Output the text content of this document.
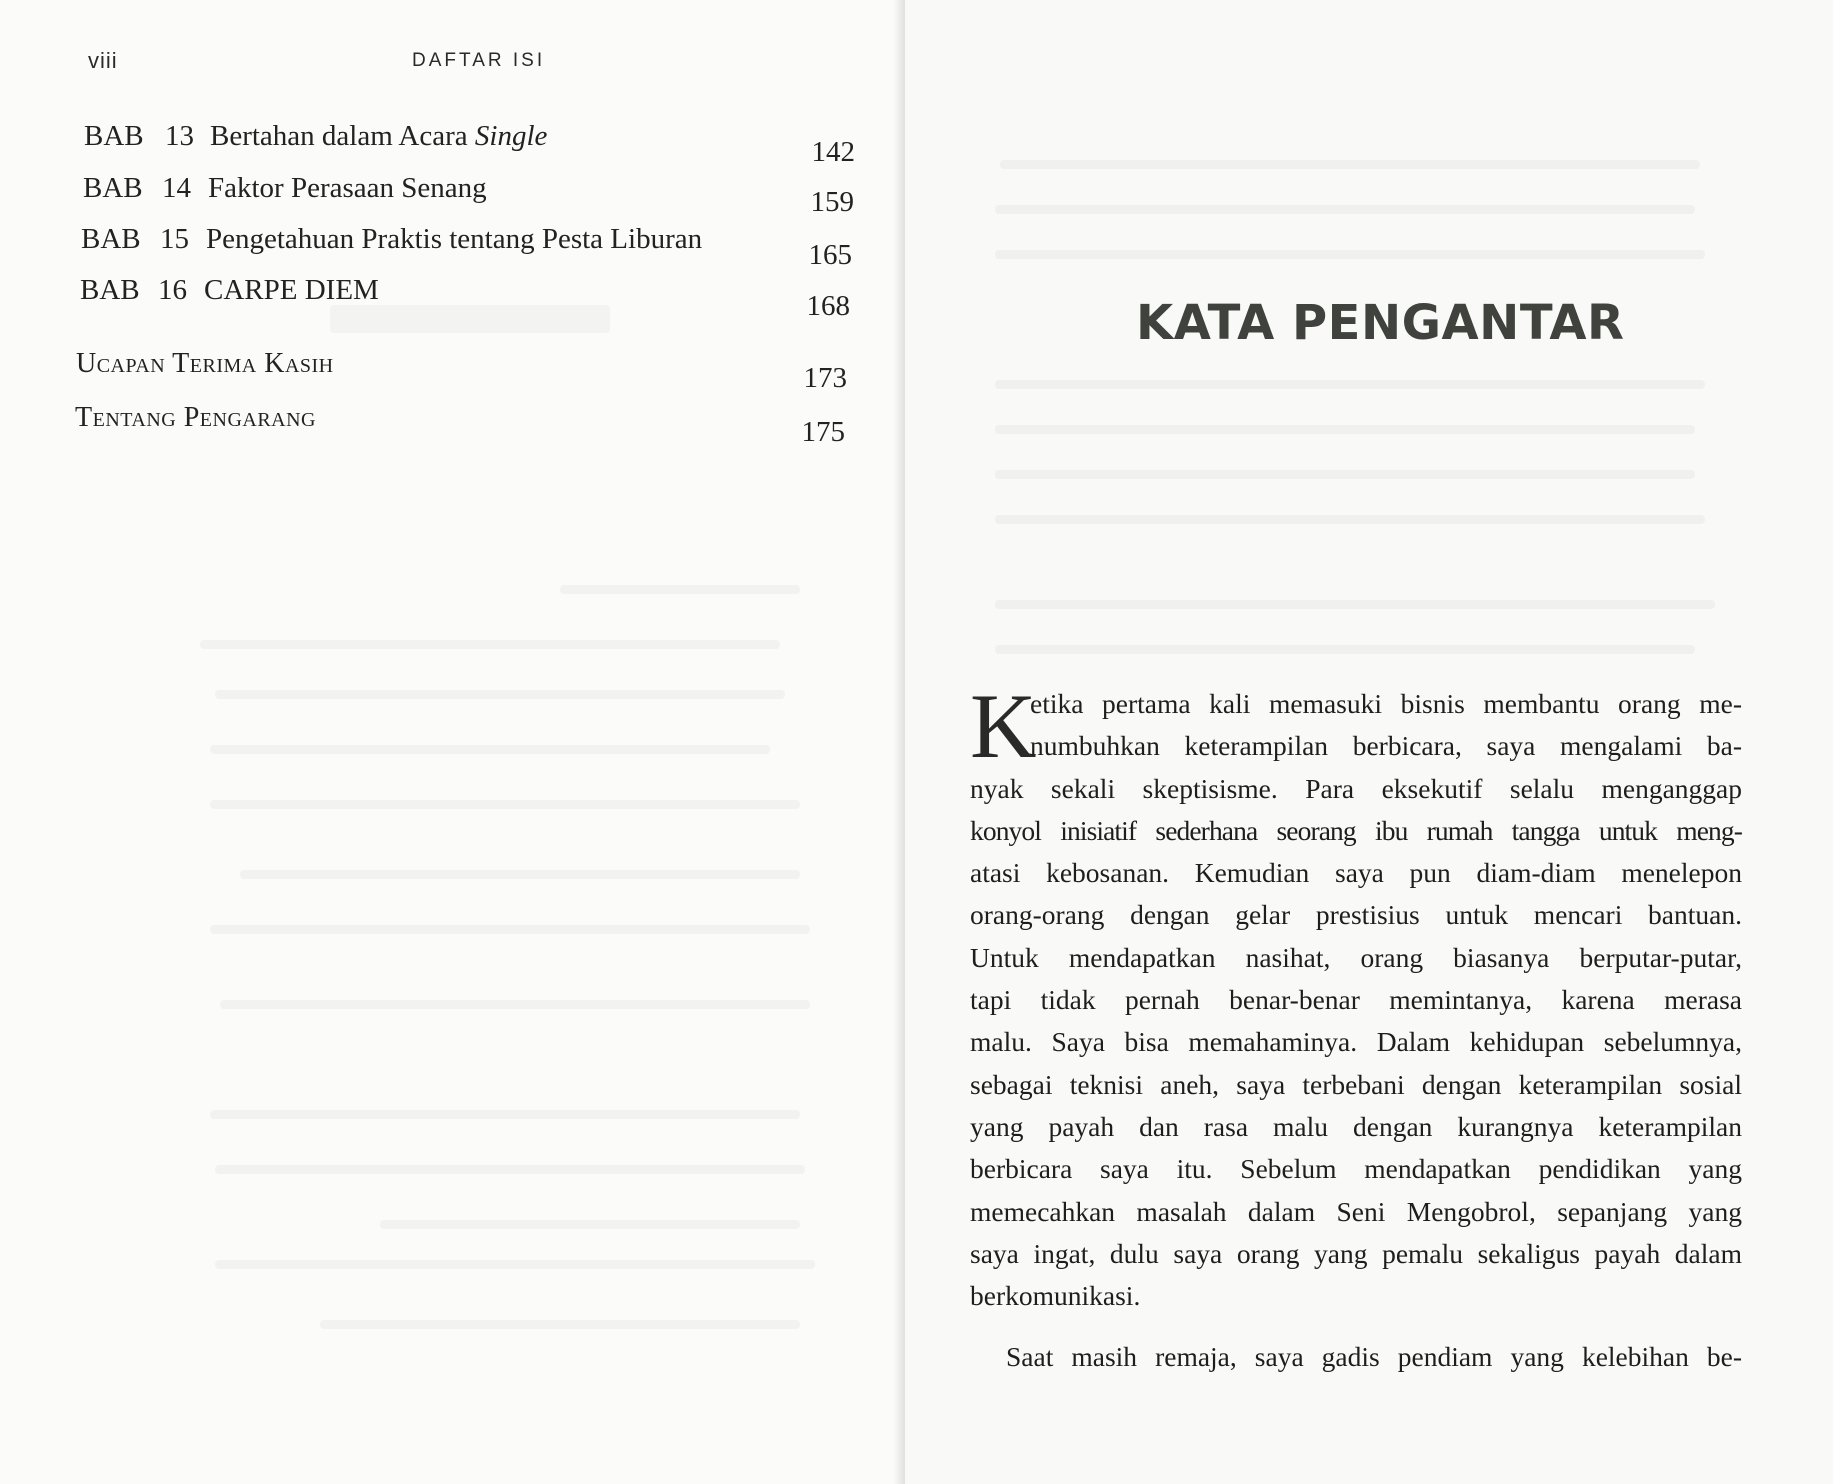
viii	DAFTAR ISI
BAB 13 Bertahan dalam Acara Single	142
BAB 14 Faktor Perasaan Senang	159
BAB 15 Pengetahuan Praktis tentang Pesta Liburan	165
BAB 16 CARPE DIEM	168
Ucapan Terima Kasih	173
Tentang Pengarang	175
KATA PENGANTAR
K
etika pertama kali memasuki bisnis membantu orang me-
numbuhkan keterampilan berbicara, saya mengalami ba-
nyak sekali skeptisisme. Para eksekutif selalu menganggap
konyol inisiatif sederhana seorang ibu rumah tangga untuk meng-
atasi kebosanan. Kemudian saya pun diam-diam menelepon
orang-orang dengan gelar prestisius untuk mencari bantuan.
Untuk mendapatkan nasihat, orang biasanya berputar-putar,
tapi tidak pernah benar-benar memintanya, karena merasa
malu. Saya bisa memahaminya. Dalam kehidupan sebelumnya,
sebagai teknisi aneh, saya terbebani dengan keterampilan sosial
yang payah dan rasa malu dengan kurangnya keterampilan
berbicara saya itu. Sebelum mendapatkan pendidikan yang
memecahkan masalah dalam Seni Mengobrol, sepanjang yang
saya ingat, dulu saya orang yang pemalu sekaligus payah dalam
berkomunikasi.
Saat masih remaja, saya gadis pendiam yang kelebihan be-
